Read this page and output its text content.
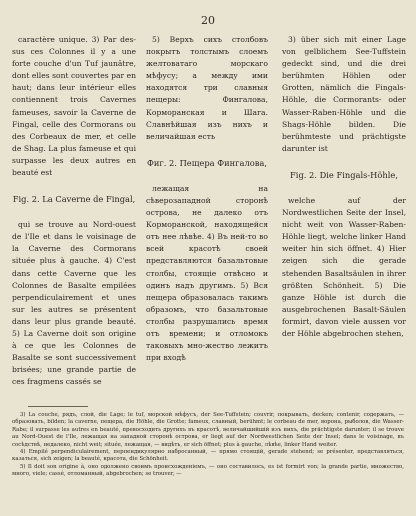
20

caractère unique. 3) Par des-sus ces Colonnes il y a une forte couche d'un Tuf jaunâtre, dont elles sont couvertes par en haut; dans leur intérieur elles contiennent trois Cavernes fameuses, savoir la Caverne de Fingal, celle des Cormorans ou des Corbeaux de mer, et celle de Shag. La plus fameuse et qui surpasse les deux autres en beauté est

Fig. 2. La Caverne de Fingal,

qui se trouve au Nord-ouest de l'Ile et dans le voisinage de la Caverne des Cormorans située plus à gauche. 4) C'est dans cette Caverne que les Colonnes de Basalte empilées perpendiculairement et unes sur les autres se présentent dans leur plus grande beauté. 5) La Caverne doit son origine à ce que les Colonnes de Basalte se sont successivement brisées; une grande partie de ces fragmens cassés se

5) Верхъ сихъ столбовъ покрытъ толстымъ слоемъ желтоватаго морскаго мѣфусу; а между ими находятся три славныя пещеры: Фингалова, Корморанская и Шага. Славнѣйшая изъ нихъ и величайшая есть

Фиг. 2. Пещера Фингалова,

лежащая на сѣверозападной сторонѣ острова, не далеко отъ Корморанской, находящейся отъ нее лѣвѣе. 4) Въ ней-то во всей красотѣ своей представляются базальтовые столбы, стоящіе отвѣсно и одинъ надъ другимъ. 5) Вся пещера образовалась такимъ образомъ, что базальтовые столбы разрушались время отъ времени; и отломокъ таковыхъ мно-жество лежитъ при входѣ

3) über sich mit einer Lage von gelblichem See-Tuffstein gedeckt sind, und die drei berühmten Höhlen oder Grotten, nämlich die Fingals-Höhle, die Cormorants- oder Wasser-Raben-Höhle und die Shags-Höhle bilden. Die berühmteste und prächtigste darunter ist

Fig. 2. Die Fingals-Höhle,

welche auf der Nordwestlichen Seite der Insel, nicht weit von Wasser-Raben-Höhle liegt, welche linker Hand weiter hin sich öffnet. 4) Hier zeigen sich die gerade stehenden Basaltsäulen in ihrer größten Schönheit. 5) Die ganze Höhle ist durch die ausgebrochenen Basalt-Säulen formirt, davon viele aussen vor der Höhle abgebrochen stehen,

3) La couche, рядъ, слой, die Lage; le tuf, морской мѣфусъ, der See-Tuffstein; couvrir, покрывать, decken; contenir, содержать, — образовать, bilden; la caverne, пещера, die Höhle, die Grotte; fameux, славный, berühmt; le corbeau de mer, ворона, рыболов, die Wasser-Rabe; il surpasse les autres en beauté, превосходить другихъ въ красотѣ, величайшийшій изъ нихъ, die prächtigste darunter; il se trouve au Nord-Ouest de l'Ile, лежащая на западной сторонѣ острова, er liegt auf der Nordwestlichen Seite der Insel; dans le voisinage, въ сосѣдствѣ, недалеко, nicht weit; située, лежащая, — видѣть, er sich öffnet; plus à gauche, лѣвѣе, linker Hand weiter.

4) Empilé perpendiculairement, перпендикулярно набросанный, — прямо стоящій, gerade stehend; se présenter, представляться, казаться, sich zeigen; la beauté, красота, die Schönheit.

5) Il doit son origine à, оно одолжено своимъ происхожденіемъ, — оно составилось, es ist formirt von; la grande partie, множество, много, viele; cassé, отломанный, abgebrochen; se trouver, —
